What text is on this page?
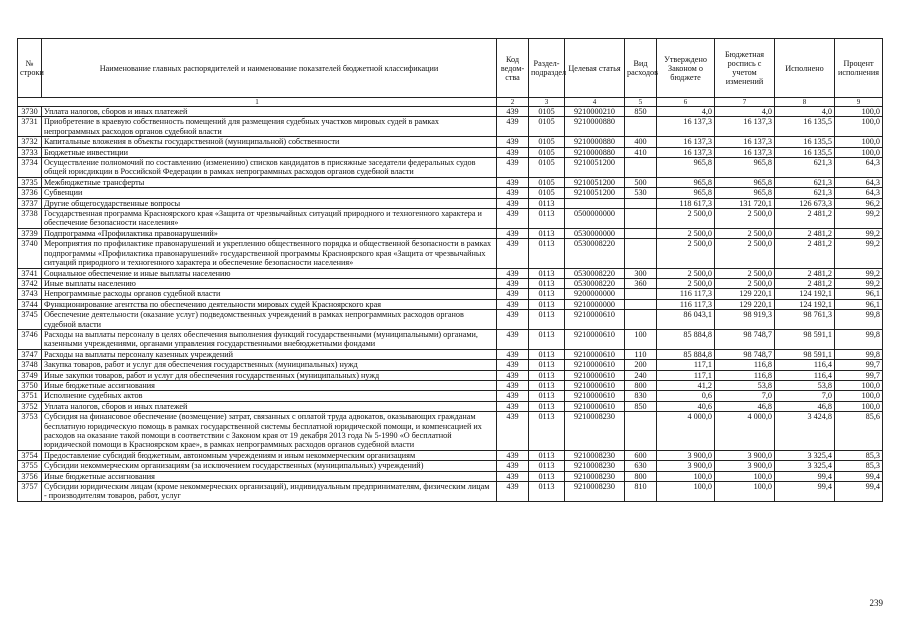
№ строки	Наименование главных распорядителей и наименование показателей бюджетной классификации	Код ведом-ства	Раздел-подраздел	Целевая статья	Вид расходов	Утверждено Законом о бюджете	Бюджетная роспись с учетом изменений	Исполнено	Процент исполнения
1		2	3	4	5	6	7	8	9
3730	Уплата налогов, сборов и иных платежей	439	0105	9210000210	850	4,0	4,0	4,0	100,0
3731	Приобретение в краевую собственность помещений для размещения судебных участков мировых судей в рамках непрограммных расходов органов судебной власти	439	0105	9210000880		16 137,3	16 137,3	16 135,5	100,0
3732	Капитальные вложения в объекты государственной (муниципальной) собственности	439	0105	9210000880	400	16 137,3	16 137,3	16 135,5	100,0
3733	Бюджетные инвестиции	439	0105	9210000880	410	16 137,3	16 137,3	16 135,5	100,0
3734	Осуществление полномочий по составлению (изменению) списков кандидатов в присяжные заседатели федеральных судов общей юрисдикции в Российской Федерации в рамках непрограммных расходов органов судебной власти	439	0105	9210051200		965,8	965,8	621,3	64,3
3735	Межбюджетные трансферты	439	0105	9210051200	500	965,8	965,8	621,3	64,3
3736	Субвенции	439	0105	9210051200	530	965,8	965,8	621,3	64,3
3737	Другие общегосударственные вопросы	439	0113			118 617,3	131 720,1	126 673,3	96,2
3738	Государственная программа Красноярского края «Защита от чрезвычайных ситуаций природного и техногенного характера и обеспечение безопасности населения»	439	0113	0500000000		2 500,0	2 500,0	2 481,2	99,2
3739	Подпрограмма «Профилактика правонарушений»	439	0113	0530000000		2 500,0	2 500,0	2 481,2	99,2
3740	Мероприятия по профилактике правонарушений и укреплению общественного порядка и общественной безопасности в рамках подпрограммы «Профилактика правонарушений» государственной программы Красноярского края «Защита от чрезвычайных ситуаций природного и техногенного характера и обеспечение безопасности населения»	439	0113	0530008220		2 500,0	2 500,0	2 481,2	99,2
3741	Социальное обеспечение и иные выплаты населению	439	0113	0530008220	300	2 500,0	2 500,0	2 481,2	99,2
3742	Иные выплаты населению	439	0113	0530008220	360	2 500,0	2 500,0	2 481,2	99,2
3743	Непрограммные расходы органов судебной власти	439	0113	9200000000		116 117,3	129 220,1	124 192,1	96,1
3744	Функционирование агентства по обеспечению деятельности мировых судей Красноярского края	439	0113	9210000000		116 117,3	129 220,1	124 192,1	96,1
3745	Обеспечение деятельности (оказание услуг) подведомственных учреждений в рамках непрограммных расходов органов судебной власти	439	0113	9210000610		86 043,1	98 919,3	98 761,3	99,8
3746	Расходы на выплаты персоналу в целях обеспечения выполнения функций государственными (муниципальными) органами, казенными учреждениями, органами управления государственными внебюджетными фондами	439	0113	9210000610	100	85 884,8	98 748,7	98 591,1	99,8
3747	Расходы на выплаты персоналу казенных учреждений	439	0113	9210000610	110	85 884,8	98 748,7	98 591,1	99,8
3748	Закупка товаров, работ и услуг для обеспечения государственных (муниципальных) нужд	439	0113	9210000610	200	117,1	116,8	116,4	99,7
3749	Иные закупки товаров, работ и услуг для обеспечения государственных (муниципальных) нужд	439	0113	9210000610	240	117,1	116,8	116,4	99,7
3750	Иные бюджетные ассигнования	439	0113	9210000610	800	41,2	53,8	53,8	100,0
3751	Исполнение судебных актов	439	0113	9210000610	830	0,6	7,0	7,0	100,0
3752	Уплата налогов, сборов и иных платежей	439	0113	9210000610	850	40,6	46,8	46,8	100,0
3753	Субсидия на финансовое обеспечение (возмещение) затрат, связанных с оплатой труда адвокатов, оказывающих гражданам бесплатную юридическую помощь в рамках государственной системы бесплатной юридической помощи, и компенсацией их расходов на оказание такой помощи в соответствии с Законом края от 19 декабря 2013 года № 5-1990 «О бесплатной юридической помощи в Красноярском крае», в рамках непрограммных расходов органов судебной власти	439	0113	9210008230		4 000,0	4 000,0	3 424,8	85,6
3754	Предоставление субсидий бюджетным, автономным учреждениям и иным некоммерческим организациям	439	0113	9210008230	600	3 900,0	3 900,0	3 325,4	85,3
3755	Субсидии некоммерческим организациям (за исключением государственных (муниципальных) учреждений)	439	0113	9210008230	630	3 900,0	3 900,0	3 325,4	85,3
3756	Иные бюджетные ассигнования	439	0113	9210008230	800	100,0	100,0	99,4	99,4
3757	Субсидии юридическим лицам (кроме некоммерческих организаций), индивидуальным предпринимателям, физическим лицам - производителям товаров, работ, услуг	439	0113	9210008230	810	100,0	100,0	99,4	99,4
239
